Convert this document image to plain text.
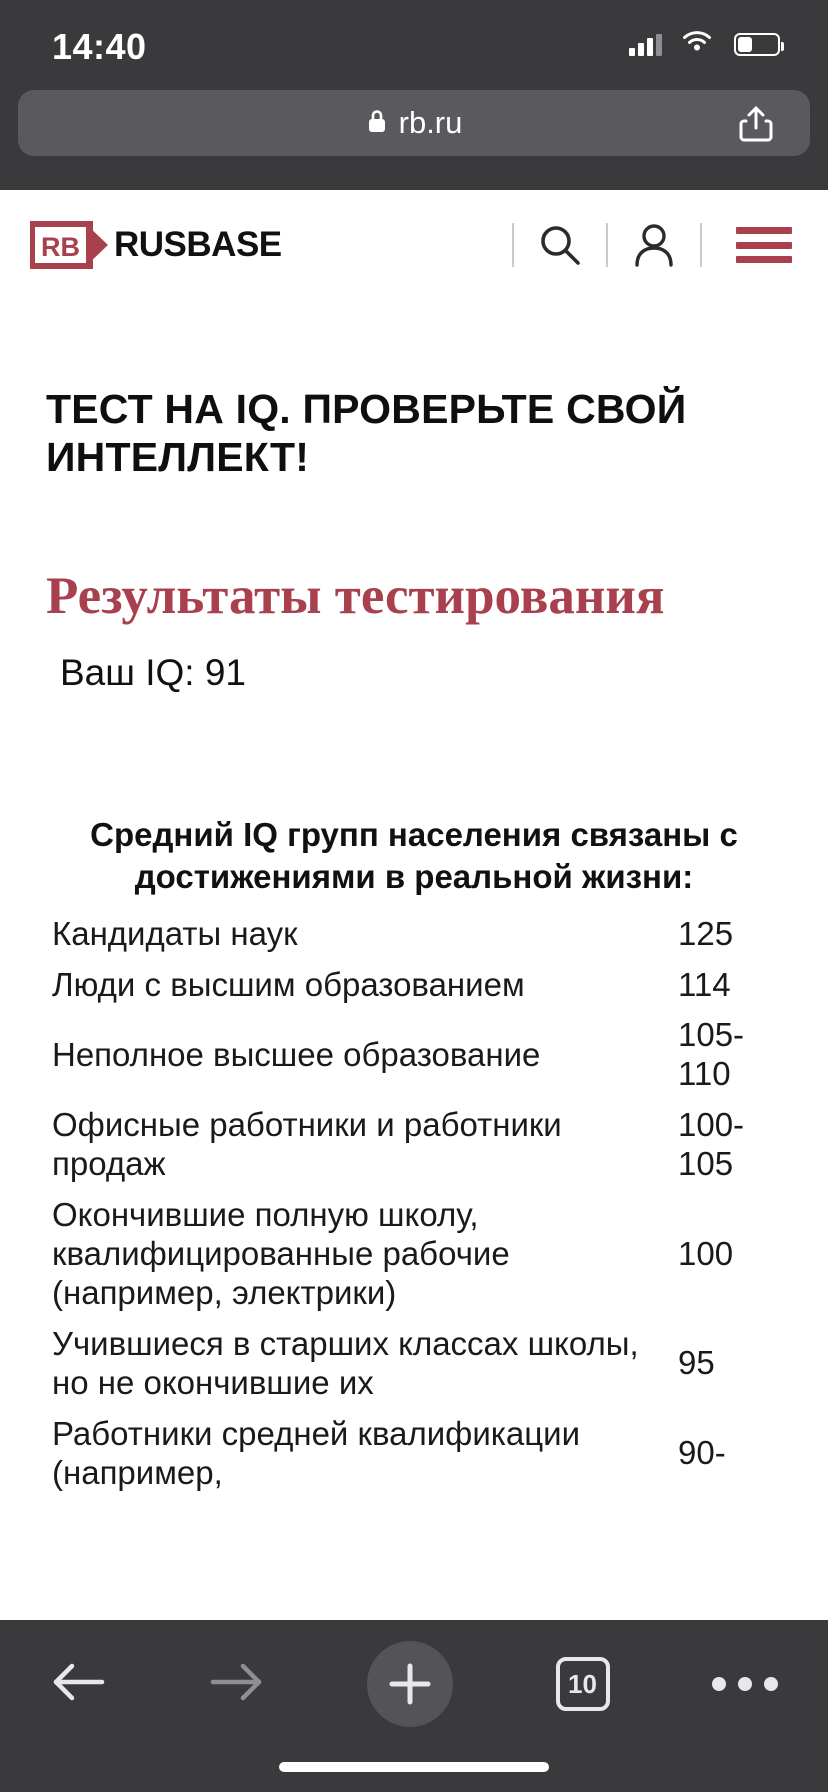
14:40
rb.ru
RB RUSBASE
ТЕСТ НА IQ. ПРОВЕРЬТЕ СВОЙ ИНТЕЛЛЕКТ!
Результаты тестирования
Ваш IQ: 91
Средний IQ групп населения связаны с достижениями в реальной жизни:
Кандидаты наук	125
Люди с высшим образованием	114
Неполное высшее образование	105-110
Офисные работники и работники продаж	100-105
Окончившие полную школу, квалифицированные рабочие (например, электрики)	100
Учившиеся в старших классах школы, но не окончившие их	95
Работники средней квалификации (например,	90-
10
